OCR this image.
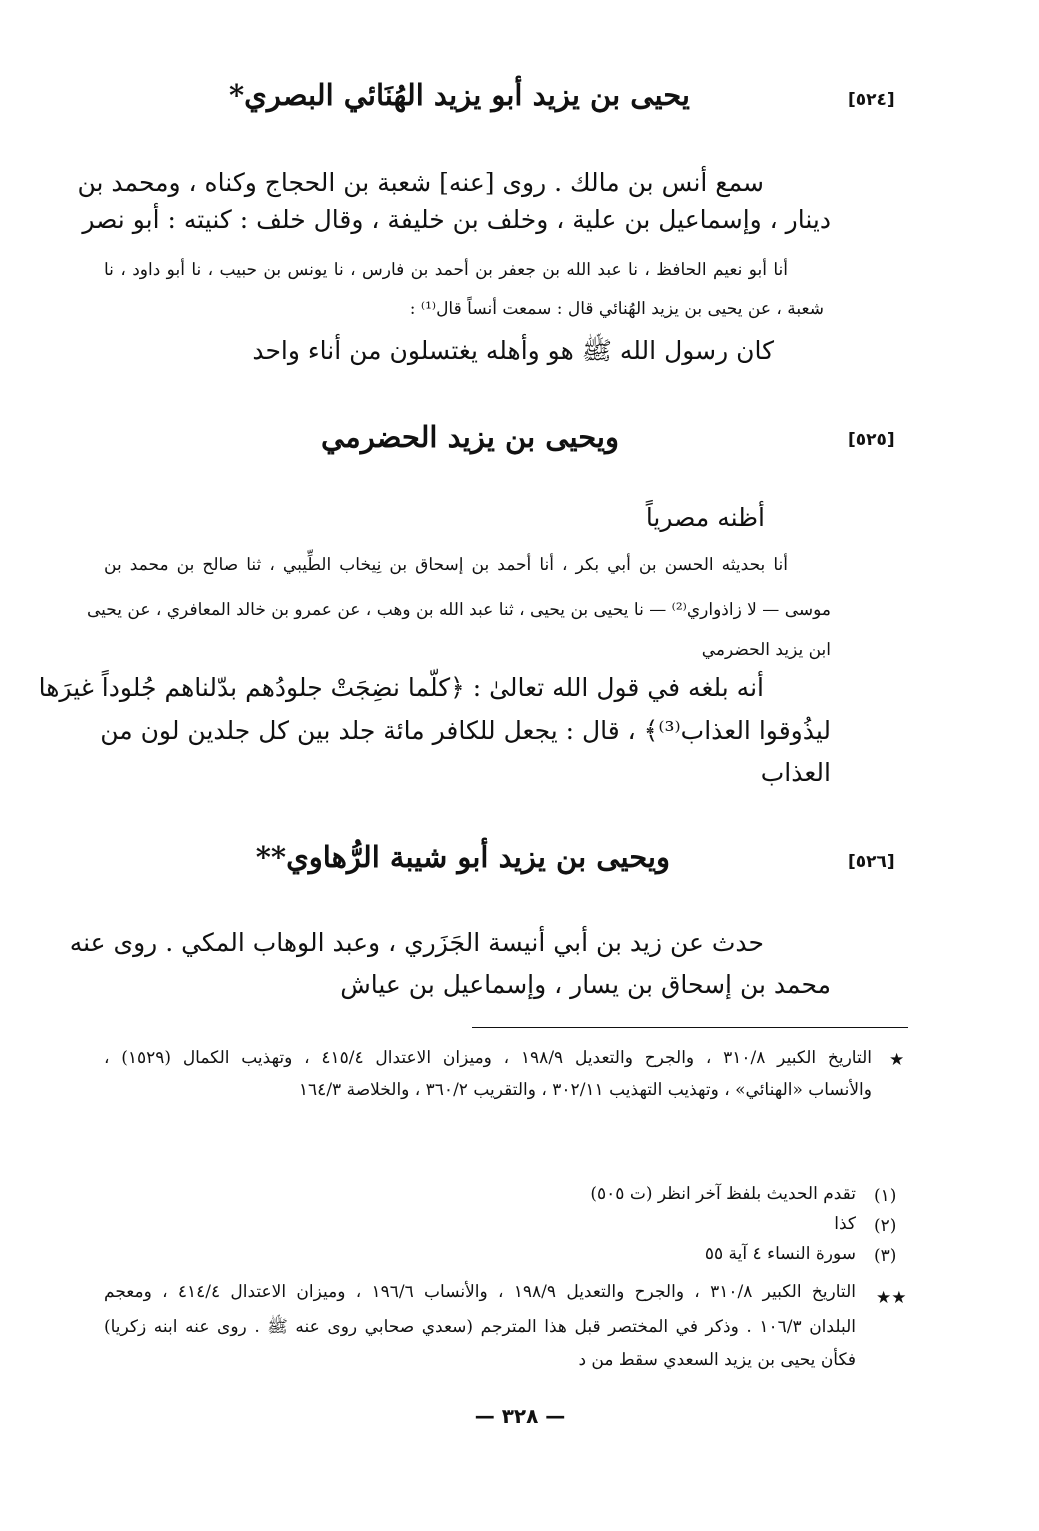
[٥٢٤]
يحيى بن يزيد أبو يزيد الهُنَائي البصري*
سمع أنس بن مالك . روى [عنه] شعبة بن الحجاج وكناه ، ومحمد بن
دينار ، وإسماعيل بن علية ، وخلف بن خليفة ، وقال خلف : كنيته : أبو نصر
أنا أبو نعيم الحافظ ، نا عبد الله بن جعفر بن أحمد بن فارس ، نا يونس بن حبيب ، نا أبو داود ، نا
شعبة ، عن يحيى بن يزيد الهُنائي قال : سمعت أنساً قال⁽¹⁾ :
كان رسول الله ﷺ هو وأهله يغتسلون من أناء واحد
[٥٢٥]
ويحيى بن يزيد الحضرمي
أظنه مصرياً
أنا بحديثه الحسن بن أبي بكر ، أنا أحمد بن إسحاق بن نِيخاب الطِّيبي ، ثنا صالح بن محمد بن
موسى — لا زاذواري⁽²⁾ — نا يحيى بن يحيى ، ثنا عبد الله بن وهب ، عن عمرو بن خالد المعافري ، عن يحيى
ابن يزيد الحضرمي
أنه بلغه في قول الله تعالىٰ : ﴿كلّما نضِجَتْ جلودُهم بدّلناهم جُلوداً غيرَها
ليذُوقوا العذاب⁽³⁾﴾ ، قال : يجعل للكافر مائة جلد بين كل جلدين لون من
العذاب
[٥٢٦]
ويحيى بن يزيد أبو شيبة الرُّهاوي**
حدث عن زيد بن أبي أنيسة الجَزَري ، وعبد الوهاب المكي . روى عنه
محمد بن إسحاق بن يسار ، وإسماعيل بن عياش
★
التاريخ الكبير ٣١٠/٨ ، والجرح والتعديل ١٩٨/٩ ، وميزان الاعتدال ٤١٥/٤ ، وتهذيب الكمال (١٥٢٩) ،
والأنساب «الهنائي» ، وتهذيب التهذيب ٣٠٢/١١ ، والتقريب ٣٦٠/٢ ، والخلاصة ١٦٤/٣
(١)
تقدم الحديث بلفظ آخر انظر (ت ٥٠٥)
(٢)
كذا
(٣)
سورة النساء ٤ آية ٥٥
★★
التاريخ الكبير ٣١٠/٨ ، والجرح والتعديل ١٩٨/٩ ، والأنساب ١٩٦/٦ ، وميزان الاعتدال ٤١٤/٤ ، ومعجم
البلدان ١٠٦/٣ . وذكر في المختصر قبل هذا المترجم (سعدي صحابي روى عنه ﷺ . روى عنه ابنه زكريا)
فكأن يحيى بن يزيد السعدي سقط من د
— ٣٢٨ —
